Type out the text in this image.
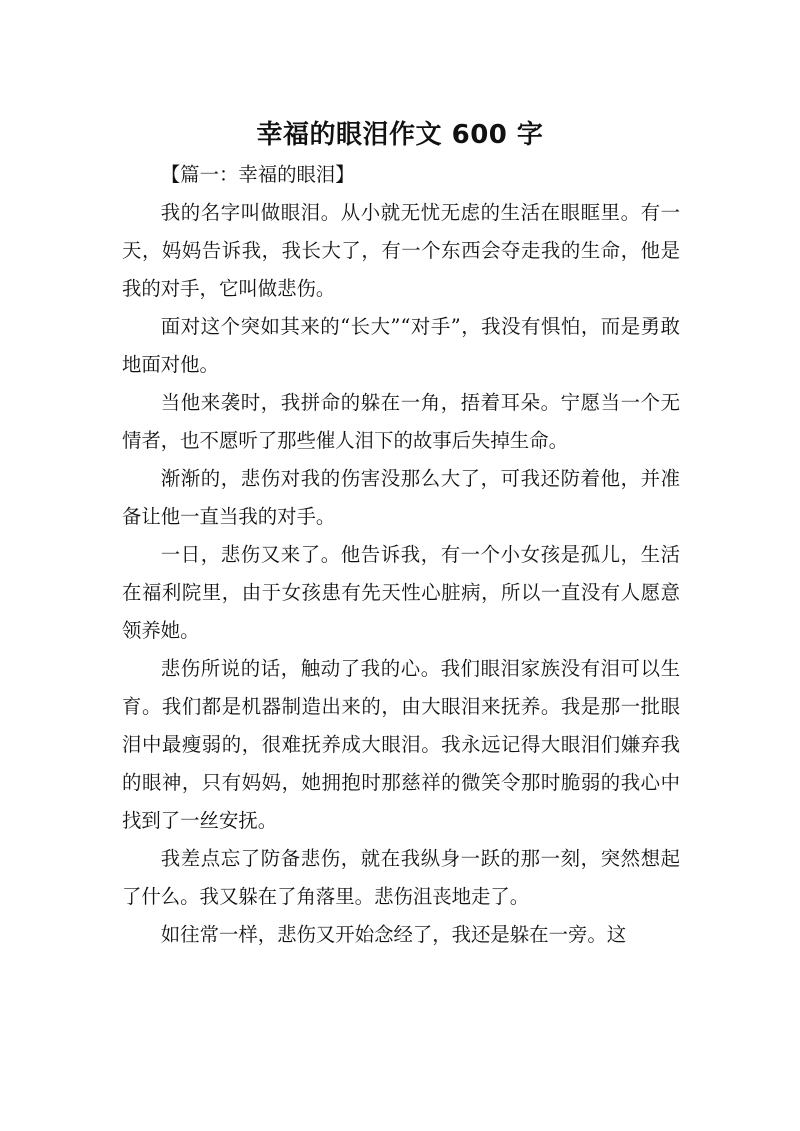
幸福的眼泪作文 600 字

【篇一：幸福的眼泪】

我的名字叫做眼泪。从小就无忧无虑的生活在眼眶里。有一天，妈妈告诉我，我长大了，有一个东西会夺走我的生命，他是我的对手，它叫做悲伤。

面对这个突如其来的“长大”“对手”，我没有惧怕，而是勇敢地面对他。

当他来袭时，我拼命的躲在一角，捂着耳朵。宁愿当一个无情者，也不愿听了那些催人泪下的故事后失掉生命。

渐渐的，悲伤对我的伤害没那么大了，可我还防着他，并准备让他一直当我的对手。

一日，悲伤又来了。他告诉我，有一个小女孩是孤儿，生活在福利院里，由于女孩患有先天性心脏病，所以一直没有人愿意领养她。

悲伤所说的话，触动了我的心。我们眼泪家族没有泪可以生育。我们都是机器制造出来的，由大眼泪来抚养。我是那一批眼泪中最瘦弱的，很难抚养成大眼泪。我永远记得大眼泪们嫌弃我的眼神，只有妈妈，她拥抱时那慈祥的微笑令那时脆弱的我心中找到了一丝安抚。

我差点忘了防备悲伤，就在我纵身一跃的那一刻，突然想起了什么。我又躲在了角落里。悲伤沮丧地走了。

如往常一样，悲伤又开始念经了，我还是躲在一旁。这
